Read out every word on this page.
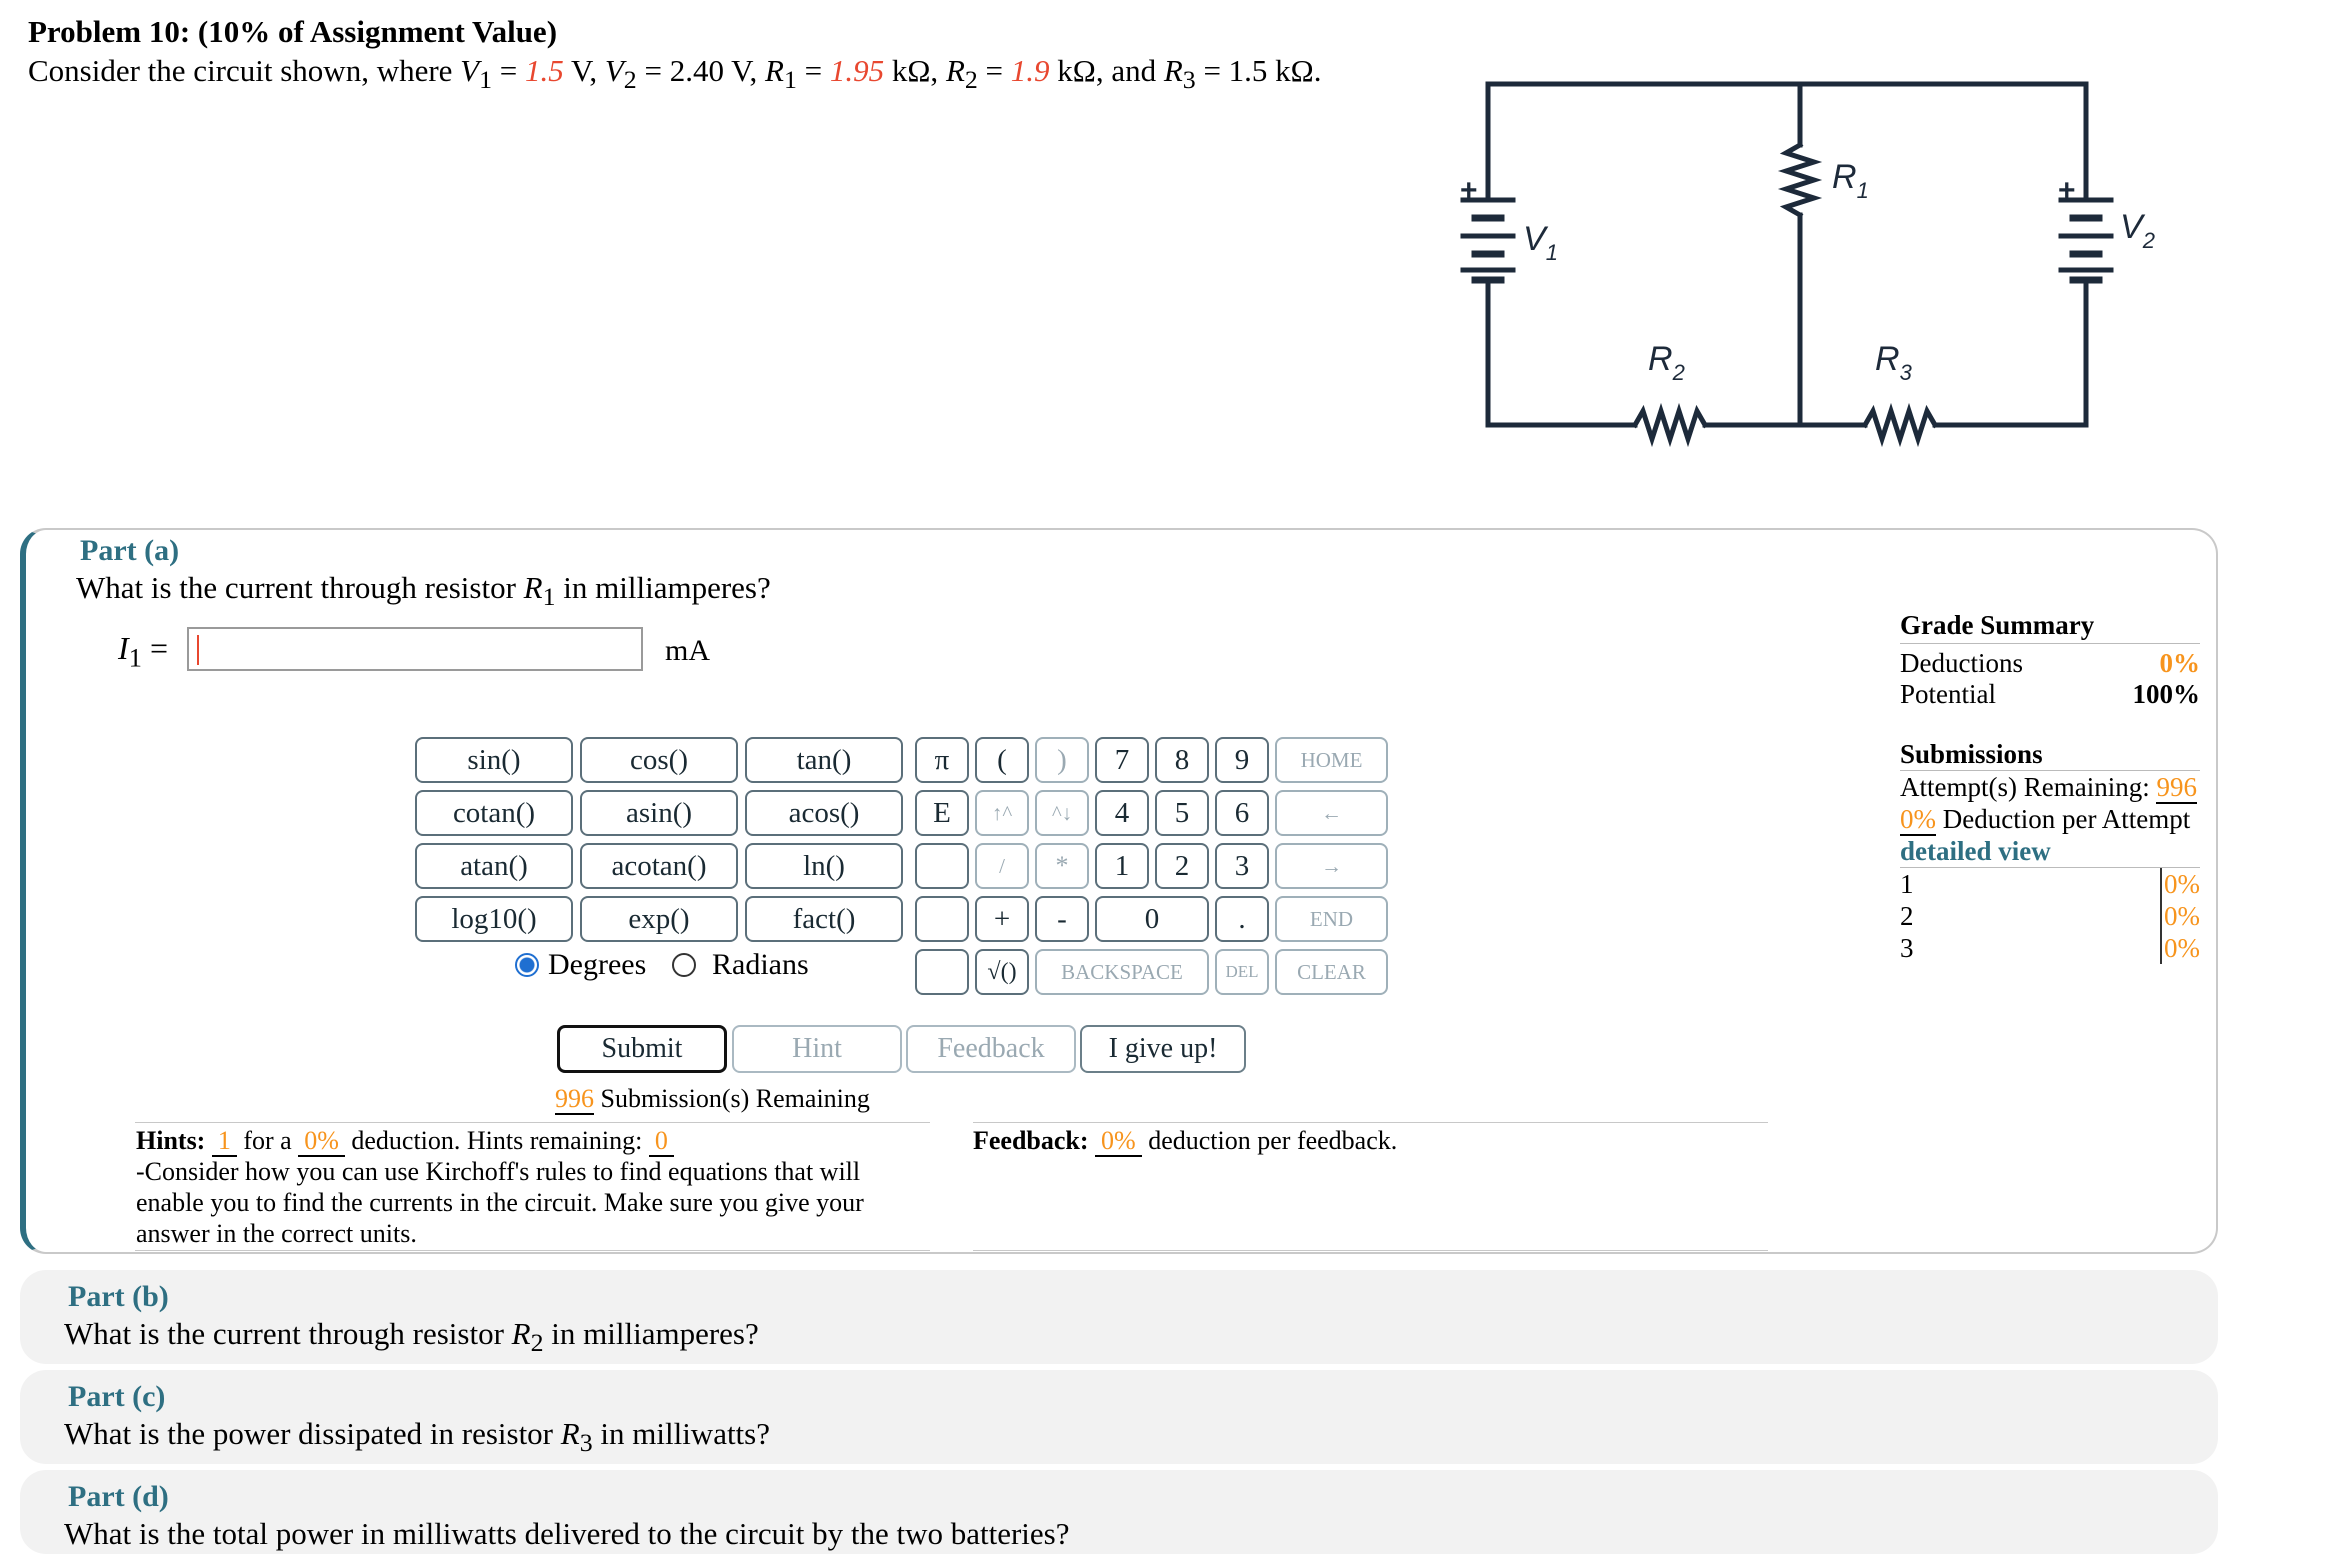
Problem 10: (10% of Assignment Value)
Consider the circuit shown, where $V_1 = 1.5$ V, $V_2 = 2.40$ V, $R_1 = 1.95$ kΩ, $R_2 = 1.9$ kΩ, and $R_3 = 1.5$ kΩ.
+	+
$V_1$
$V_2$
$R_1$
$R_2$	$R_3$
Part (a)
What is the current through resistor $R_1$ in milliamperes?
$I_1$ =	mA
sin()	cos()	tan()
cotan()	asin()	acos()
atan()	acotan()	ln()
log10()	exp()	fact()
Degrees Radians
π
E
(
↑^
/
+
√()
)
^↓
*
-
7	8	9
4	5	6
1	2	3
0	.
BACKSPACE	DEL
HOME
←
→
END
CLEAR
Submit	Hint	Feedback	I give up!
996 Submission(s) Remaining
Hints: 1 for a 0% deduction. Hints remaining: 0
-Consider how you can use Kirchoff's rules to find equations that will enable you to find the currents in the circuit. Make sure you give your answer in the correct units.
Feedback: 0% deduction per feedback.
Grade Summary
Deductions	0%
Potential	100%
Submissions
Attempt(s) Remaining: 996
0% Deduction per Attempt
detailed view
1	0%
2	0%
3	0%
Part (b)
What is the current through resistor $R_2$ in milliamperes?
Part (c)
What is the power dissipated in resistor $R_3$ in milliwatts?
Part (d)
What is the total power in milliwatts delivered to the circuit by the two batteries?
